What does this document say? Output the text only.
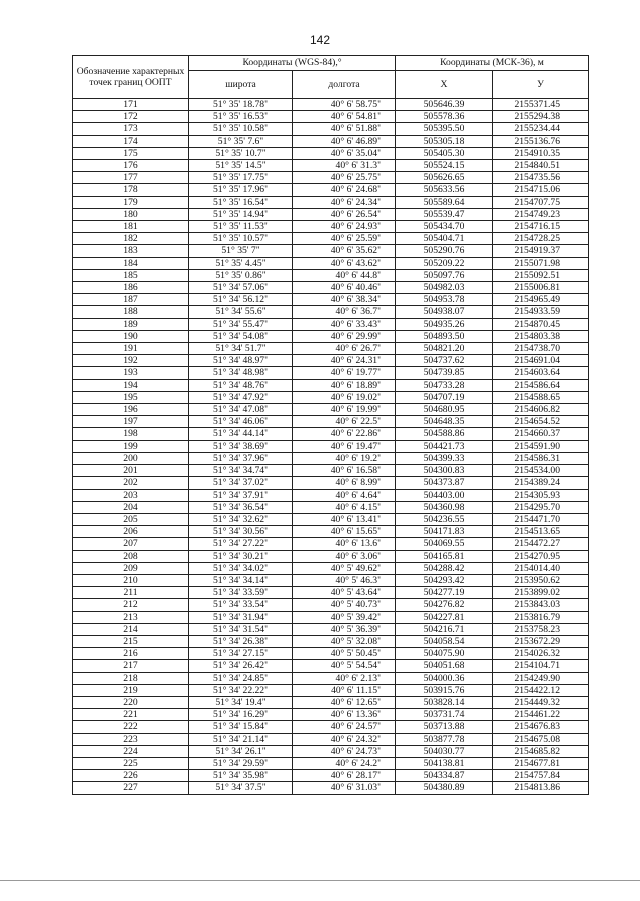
142
Обозначение характерных точек границ ООПТ	Координаты (WGS-84),°		Координаты (МСК-36), м	
	широта	долгота	X	У
171	51° 35' 18.78"	40° 6' 58.75"	505646.39	2155371.45
172	51° 35' 16.53"	40° 6' 54.81"	505578.36	2155294.38
173	51° 35' 10.58"	40° 6' 51.88"	505395.50	2155234.44
174	51° 35' 7.6"	40° 6' 46.89"	505305.18	2155136.76
175	51° 35' 10.7"	40° 6' 35.04"	505405.30	2154910.35
176	51° 35' 14.5"	40° 6' 31.3"	505524.15	2154840.51
177	51° 35' 17.75"	40° 6' 25.75"	505626.65	2154735.56
178	51° 35' 17.96"	40° 6' 24.68"	505633.56	2154715.06
179	51° 35' 16.54"	40° 6' 24.34"	505589.64	2154707.75
180	51° 35' 14.94"	40° 6' 26.54"	505539.47	2154749.23
181	51° 35' 11.53"	40° 6' 24.93"	505434.70	2154716.15
182	51° 35' 10.57"	40° 6' 25.59"	505404.71	2154728.25
183	51° 35' 7"	40° 6' 35.62"	505290.76	2154919.37
184	51° 35' 4.45"	40° 6' 43.62"	505209.22	2155071.98
185	51° 35' 0.86"	40° 6' 44.8"	505097.76	2155092.51
186	51° 34' 57.06"	40° 6' 40.46"	504982.03	2155006.81
187	51° 34' 56.12"	40° 6' 38.34"	504953.78	2154965.49
188	51° 34' 55.6"	40° 6' 36.7"	504938.07	2154933.59
189	51° 34' 55.47"	40° 6' 33.43"	504935.26	2154870.45
190	51° 34' 54.08"	40° 6' 29.99"	504893.50	2154803.38
191	51° 34' 51.7"	40° 6' 26.7"	504821.20	2154738.70
192	51° 34' 48.97"	40° 6' 24.31"	504737.62	2154691.04
193	51° 34' 48.98"	40° 6' 19.77"	504739.85	2154603.64
194	51° 34' 48.76"	40° 6' 18.89"	504733.28	2154586.64
195	51° 34' 47.92"	40° 6' 19.02"	504707.19	2154588.65
196	51° 34' 47.08"	40° 6' 19.99"	504680.95	2154606.82
197	51° 34' 46.06"	40° 6' 22.5"	504648.35	2154654.52
198	51° 34' 44.14"	40° 6' 22.86"	504588.86	2154660.37
199	51° 34' 38.69"	40° 6' 19.47"	504421.73	2154591.90
200	51° 34' 37.96"	40° 6' 19.2"	504399.33	2154586.31
201	51° 34' 34.74"	40° 6' 16.58"	504300.83	2154534.00
202	51° 34' 37.02"	40° 6' 8.99"	504373.87	2154389.24
203	51° 34' 37.91"	40° 6' 4.64"	504403.00	2154305.93
204	51° 34' 36.54"	40° 6' 4.15"	504360.98	2154295.70
205	51° 34' 32.62"	40° 6' 13.41"	504236.55	2154471.70
206	51° 34' 30.56"	40° 6' 15.65"	504171.83	2154513.65
207	51° 34' 27.22"	40° 6' 13.6"	504069.55	2154472.27
208	51° 34' 30.21"	40° 6' 3.06"	504165.81	2154270.95
209	51° 34' 34.02"	40° 5' 49.62"	504288.42	2154014.40
210	51° 34' 34.14"	40° 5' 46.3"	504293.42	2153950.62
211	51° 34' 33.59"	40° 5' 43.64"	504277.19	2153899.02
212	51° 34' 33.54"	40° 5' 40.73"	504276.82	2153843.03
213	51° 34' 31.94"	40° 5' 39.42"	504227.81	2153816.79
214	51° 34' 31.54"	40° 5' 36.39"	504216.71	2153758.23
215	51° 34' 26.38"	40° 5' 32.08"	504058.54	2153672.29
216	51° 34' 27.15"	40° 5' 50.45"	504075.90	2154026.32
217	51° 34' 26.42"	40° 5' 54.54"	504051.68	2154104.71
218	51° 34' 24.85"	40° 6' 2.13"	504000.36	2154249.90
219	51° 34' 22.22"	40° 6' 11.15"	503915.76	2154422.12
220	51° 34' 19.4"	40° 6' 12.65"	503828.14	2154449.32
221	51° 34' 16.29"	40° 6' 13.36"	503731.74	2154461.22
222	51° 34' 15.84"	40° 6' 24.57"	503713.88	2154676.83
223	51° 34' 21.14"	40° 6' 24.32"	503877.78	2154675.08
224	51° 34' 26.1"	40° 6' 24.73"	504030.77	2154685.82
225	51° 34' 29.59"	40° 6' 24.2"	504138.81	2154677.81
226	51° 34' 35.98"	40° 6' 28.17"	504334.87	2154757.84
227	51° 34' 37.5"	40° 6' 31.03"	504380.89	2154813.86
